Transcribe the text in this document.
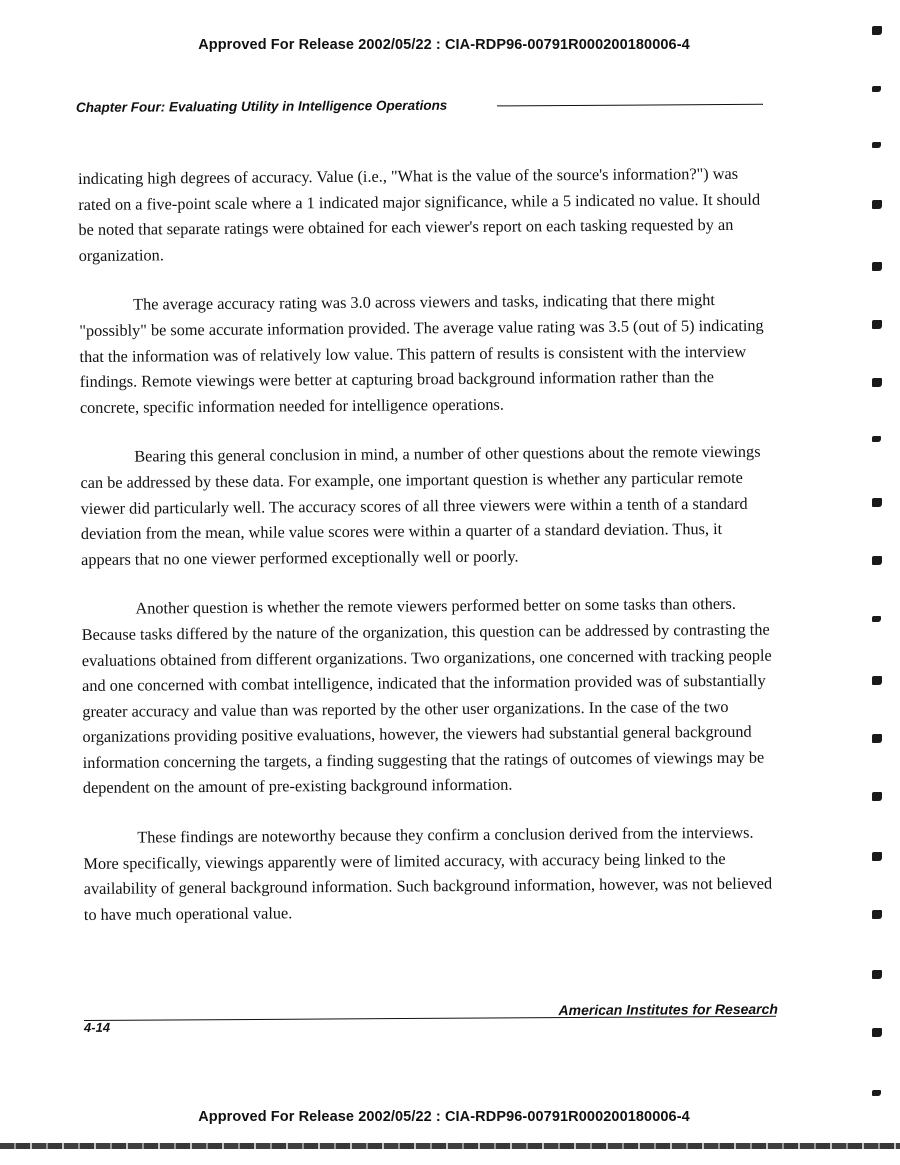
Approved For Release 2002/05/22 : CIA-RDP96-00791R000200180006-4
Chapter Four: Evaluating Utility in Intelligence Operations

indicating high degrees of accuracy. Value (i.e., "What is the value of the source's information?") was rated on a five-point scale where a 1 indicated major significance, while a 5 indicated no value. It should be noted that separate ratings were obtained for each viewer's report on each tasking requested by an organization.

The average accuracy rating was 3.0 across viewers and tasks, indicating that there might "possibly" be some accurate information provided. The average value rating was 3.5 (out of 5) indicating that the information was of relatively low value. This pattern of results is consistent with the interview findings. Remote viewings were better at capturing broad background information rather than the concrete, specific information needed for intelligence operations.

Bearing this general conclusion in mind, a number of other questions about the remote viewings can be addressed by these data. For example, one important question is whether any particular remote viewer did particularly well. The accuracy scores of all three viewers were within a tenth of a standard deviation from the mean, while value scores were within a quarter of a standard deviation. Thus, it appears that no one viewer performed exceptionally well or poorly.

Another question is whether the remote viewers performed better on some tasks than others. Because tasks differed by the nature of the organization, this question can be addressed by contrasting the evaluations obtained from different organizations. Two organizations, one concerned with tracking people and one concerned with combat intelligence, indicated that the information provided was of substantially greater accuracy and value than was reported by the other user organizations. In the case of the two organizations providing positive evaluations, however, the viewers had substantial general background information concerning the targets, a finding suggesting that the ratings of outcomes of viewings may be dependent on the amount of pre-existing background information.

These findings are noteworthy because they confirm a conclusion derived from the interviews. More specifically, viewings apparently were of limited accuracy, with accuracy being linked to the availability of general background information. Such background information, however, was not believed to have much operational value.

4-14
American Institutes for Research
Approved For Release 2002/05/22 : CIA-RDP96-00791R000200180006-4
